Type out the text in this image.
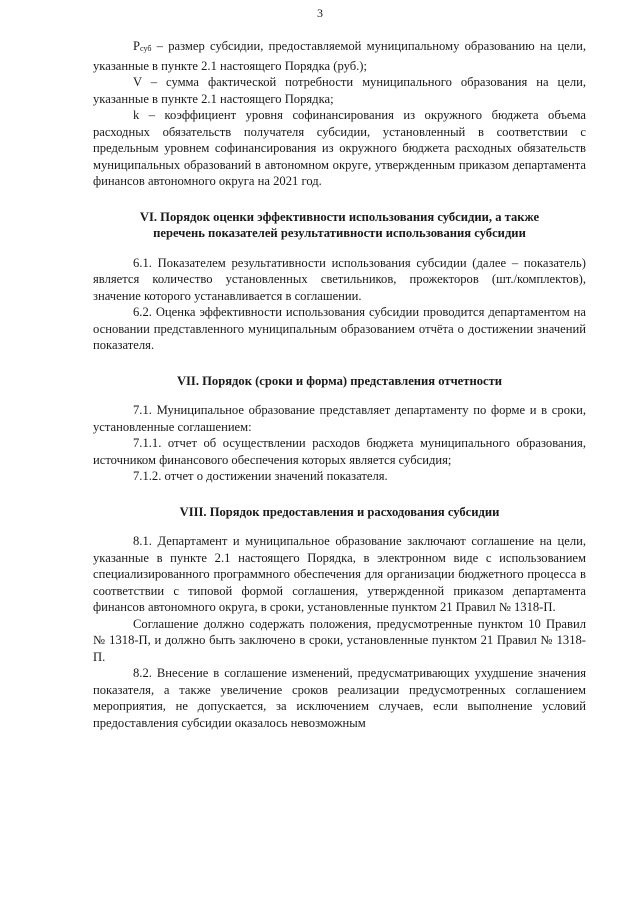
3

$P_{суб}$ – размер субсидии, предоставляемой муниципальному образованию на цели, указанные в пункте 2.1 настоящего Порядка (руб.);

V – сумма фактической потребности муниципального образования на цели, указанные в пункте 2.1 настоящего Порядка;

k – коэффициент уровня софинансирования из окружного бюджета объема расходных обязательств получателя субсидии, установленный в соответствии с предельным уровнем софинансирования из окружного бюджета расходных обязательств муниципальных образований в автономном округе, утвержденным приказом департамента финансов автономного округа на 2021 год.

VI. Порядок оценки эффективности использования субсидии, а также
перечень показателей результативности использования субсидии

6.1. Показателем результативности использования субсидии (далее – показатель) является количество установленных светильников, прожекторов (шт./комплектов), значение которого устанавливается в соглашении.

6.2. Оценка эффективности использования субсидии проводится департаментом на основании представленного муниципальным образованием отчёта о достижении значений показателя.

VII. Порядок (сроки и форма) представления отчетности

7.1. Муниципальное образование представляет департаменту по форме и в сроки, установленные соглашением:

7.1.1. отчет об осуществлении расходов бюджета муниципального образования, источником финансового обеспечения которых является субсидия;

7.1.2. отчет о достижении значений показателя.

VIII. Порядок предоставления и расходования субсидии

8.1. Департамент и муниципальное образование заключают соглашение на цели, указанные в пункте 2.1 настоящего Порядка, в электронном виде с использованием специализированного программного обеспечения для организации бюджетного процесса в соответствии с типовой формой соглашения, утвержденной приказом департамента финансов автономного округа, в сроки, установленные пунктом 21 Правил № 1318-П.

Соглашение должно содержать положения, предусмотренные пунктом 10 Правил № 1318-П, и должно быть заключено в сроки, установленные пунктом 21 Правил № 1318-П.

8.2. Внесение в соглашение изменений, предусматривающих ухудшение значения показателя, а также увеличение сроков реализации предусмотренных соглашением мероприятия, не допускается, за исключением случаев, если выполнение условий предоставления субсидии оказалось невозможным
